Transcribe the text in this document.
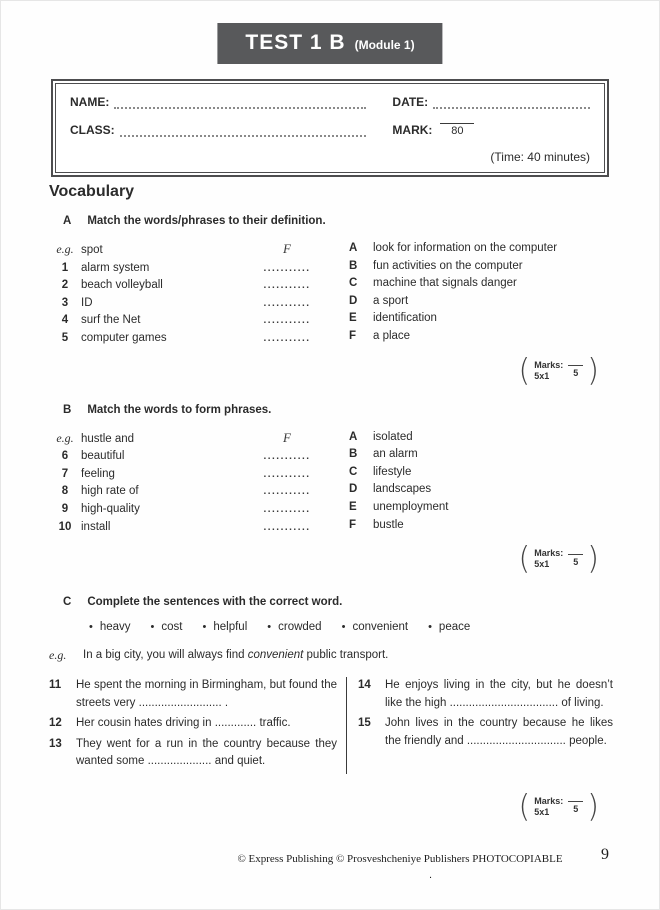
TEST 1 B (Module 1)
NAME:	DATE:
CLASS:	MARK: 80
(Time: 40 minutes)
Vocabulary
A Match the words/phrases to their definition.
e.g. spot	F
1	alarm system	...........
2	beach volleyball	...........
3	ID	...........
4	surf the Net	...........
5	computer games	...........
A	look for information on the computer
B	fun activities on the computer
C	machine that signals danger
D	a sport
E	identification
F	a place
( Marks:
5x1	5 )
B Match the words to form phrases.
e.g. hustle and	F
6	beautiful	...........
7	feeling	...........
8	high rate of	...........
9	high-quality	...........
10 install	...........
A	isolated
B	an alarm
C	lifestyle
D	landscapes
E	unemployment
F	bustle
( Marks:
5x1	5 )
C Complete the sentences with the correct word.
• heavy • cost • helpful • crowded • convenient • peace
e.g.	In a big city, you will always find convenient public transport.
11	He spent the morning in Birmingham, but found the streets very .......................... .
12	Her cousin hates driving in ............. traffic.
13	They went for a run in the country because they wanted some .................... and quiet.
14	He enjoys living in the city, but he doesn’t like the high .................................. of living.
15	John lives in the country because he likes the friendly and ............................... people.
( Marks:
5x1	5 )
© Express Publishing © Prosveshcheniye Publishers PHOTOCOPIABLE	9
.
